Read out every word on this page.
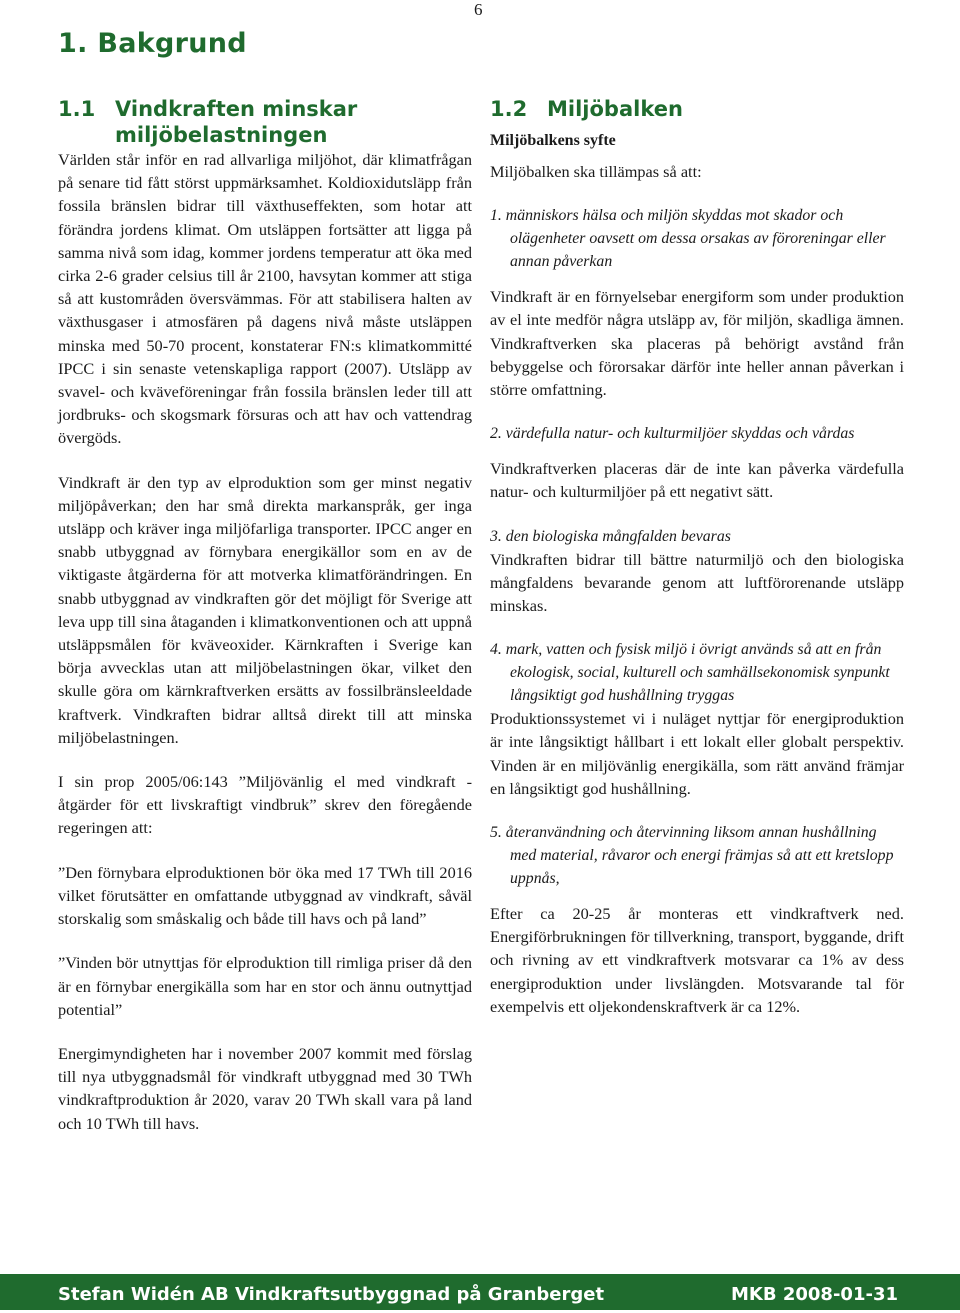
6
1. Bakgrund
1.1 Vindkraften minskar
miljöbelastningen

Världen står inför en rad allvarliga miljöhot, där klimatfrågan på senare tid fått störst uppmärksamhet. Koldioxidutsläpp från fossila bränslen bidrar till växthuseffekten, som hotar att förändra jordens klimat. Om utsläppen fortsätter att ligga på samma nivå som idag, kommer jordens temperatur att öka med cirka 2-6 grader celsius till år 2100, havsytan kommer att stiga så att kustområden översvämmas. För att stabilisera halten av växthusgaser i atmosfären på dagens nivå måste utsläppen minska med 50-70 procent, konstaterar FN:s klimatkommitté IPCC i sin senaste vetenskapliga rapport (2007). Utsläpp av svavel- och kväveföreningar från fossila bränslen leder till att jordbruks- och skogsmark försuras och att hav och vattendrag övergöds.

Vindkraft är den typ av elproduktion som ger minst negativ miljöpåverkan; den har små direkta markanspråk, ger inga utsläpp och kräver inga miljöfarliga transporter. IPCC anger en snabb utbyggnad av förnybara energikällor som en av de viktigaste åtgärderna för att motverka klimatförändringen. En snabb utbyggnad av vindkraften gör det möjligt för Sverige att leva upp till sina åtaganden i klimatkonventionen och att uppnå utsläppsmålen för kväveoxider. Kärnkraften i Sverige kan börja avvecklas utan att miljöbelastningen ökar, vilket den skulle göra om kärnkraftverken ersätts av fossilbränsleeldade kraftverk. Vindkraften bidrar alltså direkt till att minska miljöbelastningen.

I sin prop 2005/06:143 ”Miljövänlig el med vindkraft - åtgärder för ett livskraftigt vindbruk” skrev den föregående regeringen att:

”Den förnybara elproduktionen bör öka med 17 TWh till 2016 vilket förutsätter en omfattande utbyggnad av vindkraft, såväl storskalig som småskalig och både till havs och på land”

”Vinden bör utnyttjas för elproduktion till rimliga priser då den är en förnybar energikälla som har en stor och ännu outnyttjad potential”

Energimyndigheten har i november 2007 kommit med förslag till nya utbyggnadsmål för vindkraft utbyggnad med 30 TWh vindkraftproduktion år 2020, varav 20 TWh skall vara på land och 10 TWh till havs.

1.2 Miljöbalken
Miljöbalkens syfte

Miljöbalken ska tillämpas så att:

1. människors hälsa och miljön skyddas mot skador och olägenheter oavsett om dessa orsakas av föroreningar eller annan påverkan

Vindkraft är en förnyelsebar energiform som under produktion av el inte medför några utsläpp av, för miljön, skadliga ämnen. Vindkraftverken ska placeras på behörigt avstånd från bebyggelse och förorsakar därför inte heller annan påverkan i större omfattning.

2. värdefulla natur- och kulturmiljöer skyddas och vårdas

Vindkraftverken placeras där de inte kan påverka värdefulla natur- och kulturmiljöer på ett negativt sätt.

3. den biologiska mångfalden bevaras

Vindkraften bidrar till bättre naturmiljö och den biologiska mångfaldens bevarande genom att luftförorenande utsläpp minskas.

4. mark, vatten och fysisk miljö i övrigt används så att en från ekologisk, social, kulturell och samhällsekonomisk synpunkt långsiktigt god hushållning tryggas

Produktionssystemet vi i nuläget nyttjar för energiproduktion är inte långsiktigt hållbart i ett lokalt eller globalt perspektiv. Vinden är en miljövänlig energikälla, som rätt använd främjar en långsiktigt god hushållning.

5. återanvändning och återvinning liksom annan hushållning med material, råvaror och energi främjas så att ett kretslopp uppnås,

Efter ca 20-25 år monteras ett vindkraftverk ned. Energiförbrukningen för tillverkning, transport, byggande, drift och rivning av ett vindkraftverk motsvarar ca 1% av dess energiproduktion under livslängden. Motsvarande tal för exempelvis ett oljekondenskraftverk är ca 12%.

Stefan Widén AB Vindkraftsutbyggnad på Granberget	MKB 2008-01-31
